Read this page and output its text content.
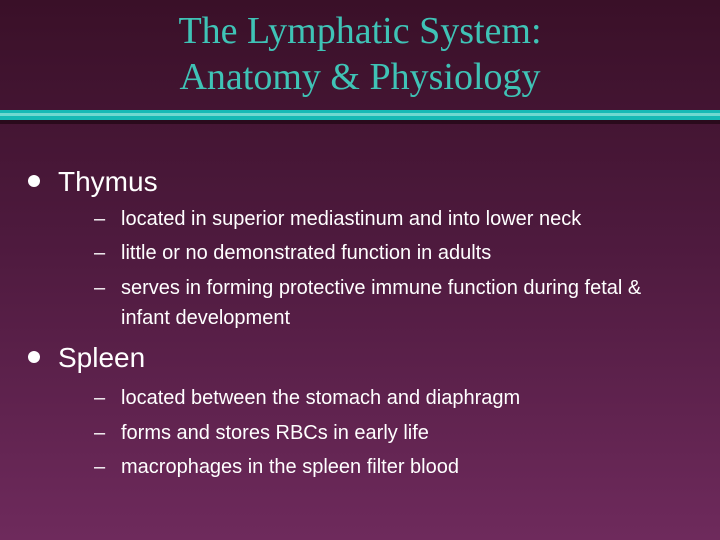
The Lymphatic System:
Anatomy & Physiology
Thymus
– located in superior mediastinum and into lower neck
– little or no demonstrated function in adults
– serves in forming protective immune function during fetal & infant development
Spleen
– located between the stomach and diaphragm
– forms and stores RBCs in early life
– macrophages in the spleen filter blood
